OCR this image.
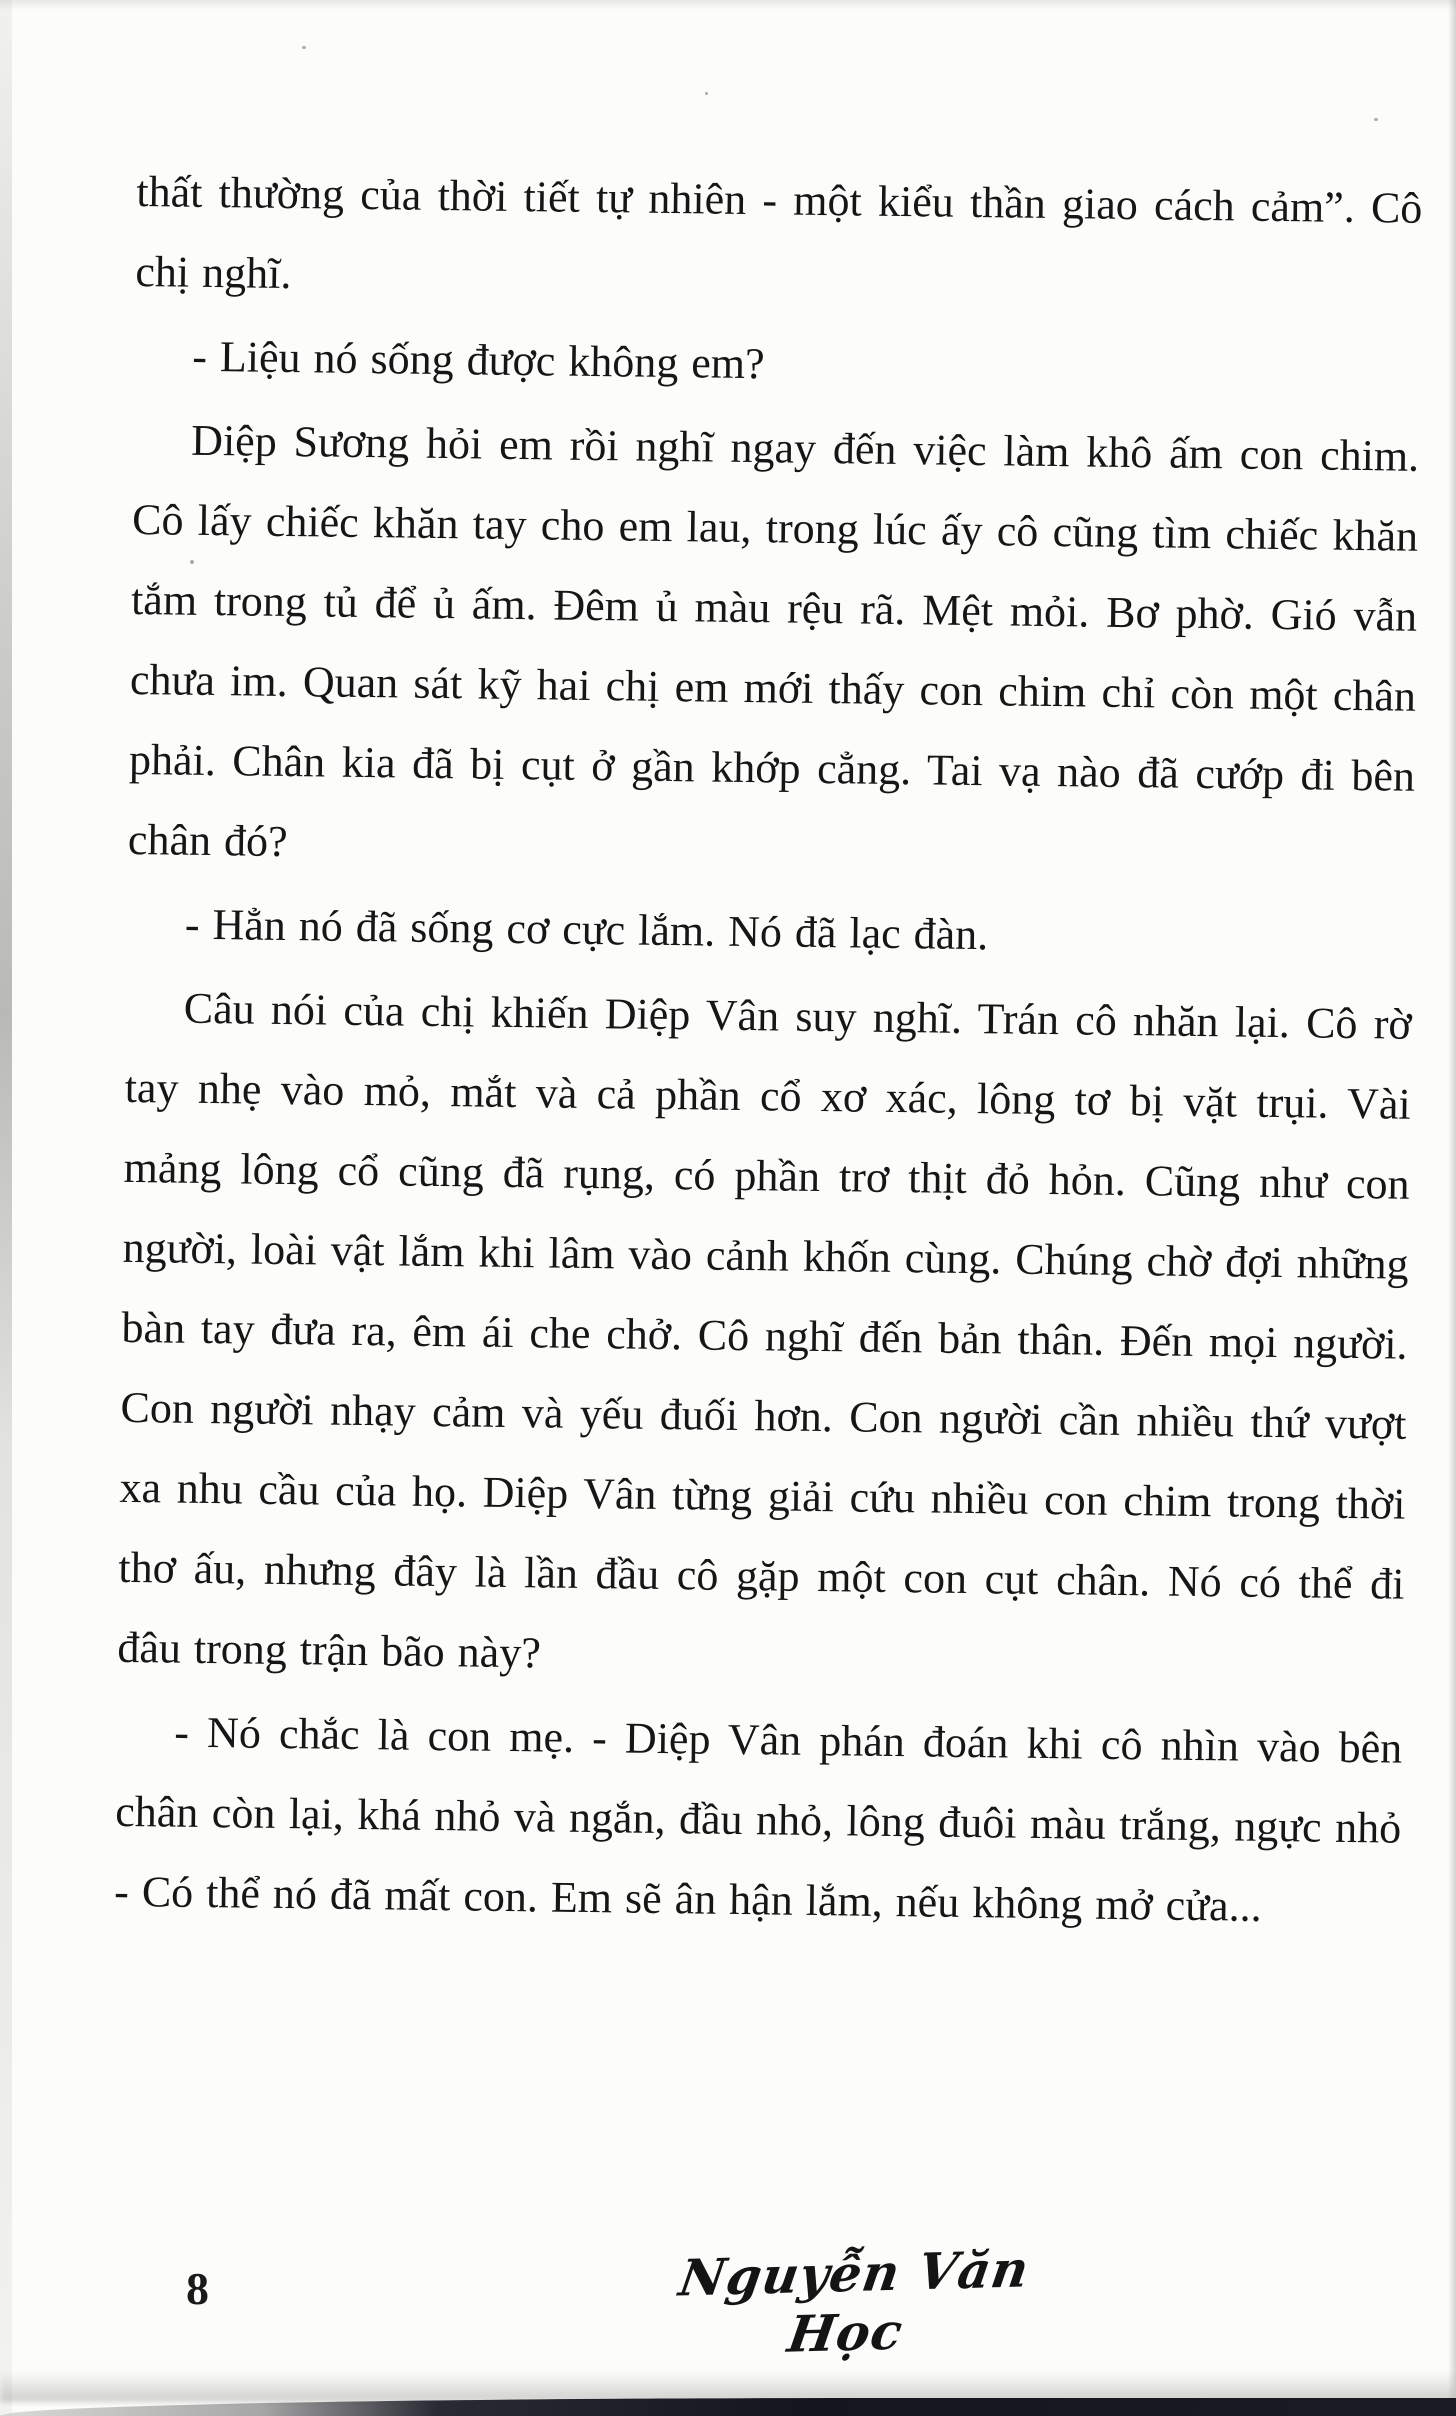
thất thường của thời tiết tự nhiên - một kiểu thần giao cách cảm”. Cô chị nghĩ.

- Liệu nó sống được không em?

Diệp Sương hỏi em rồi nghĩ ngay đến việc làm khô ấm con chim. Cô lấy chiếc khăn tay cho em lau, trong lúc ấy cô cũng tìm chiếc khăn tắm trong tủ để ủ ấm. Đêm ủ màu rệu rã. Mệt mỏi. Bơ phờ. Gió vẫn chưa im. Quan sát kỹ hai chị em mới thấy con chim chỉ còn một chân phải. Chân kia đã bị cụt ở gần khớp cẳng. Tai vạ nào đã cướp đi bên chân đó?

- Hẳn nó đã sống cơ cực lắm. Nó đã lạc đàn.

Câu nói của chị khiến Diệp Vân suy nghĩ. Trán cô nhăn lại. Cô rờ tay nhẹ vào mỏ, mắt và cả phần cổ xơ xác, lông tơ bị vặt trụi. Vài mảng lông cổ cũng đã rụng, có phần trơ thịt đỏ hỏn. Cũng như con người, loài vật lắm khi lâm vào cảnh khốn cùng. Chúng chờ đợi những bàn tay đưa ra, êm ái che chở. Cô nghĩ đến bản thân. Đến mọi người. Con người nhạy cảm và yếu đuối hơn. Con người cần nhiều thứ vượt xa nhu cầu của họ. Diệp Vân từng giải cứu nhiều con chim trong thời thơ ấu, nhưng đây là lần đầu cô gặp một con cụt chân. Nó có thể đi đâu trong trận bão này?

- Nó chắc là con mẹ. - Diệp Vân phán đoán khi cô nhìn vào bên chân còn lại, khá nhỏ và ngắn, đầu nhỏ, lông đuôi màu trắng, ngực nhỏ - Có thể nó đã mất con. Em sẽ ân hận lắm, nếu không mở cửa...

8	Nguyễn Văn Học
